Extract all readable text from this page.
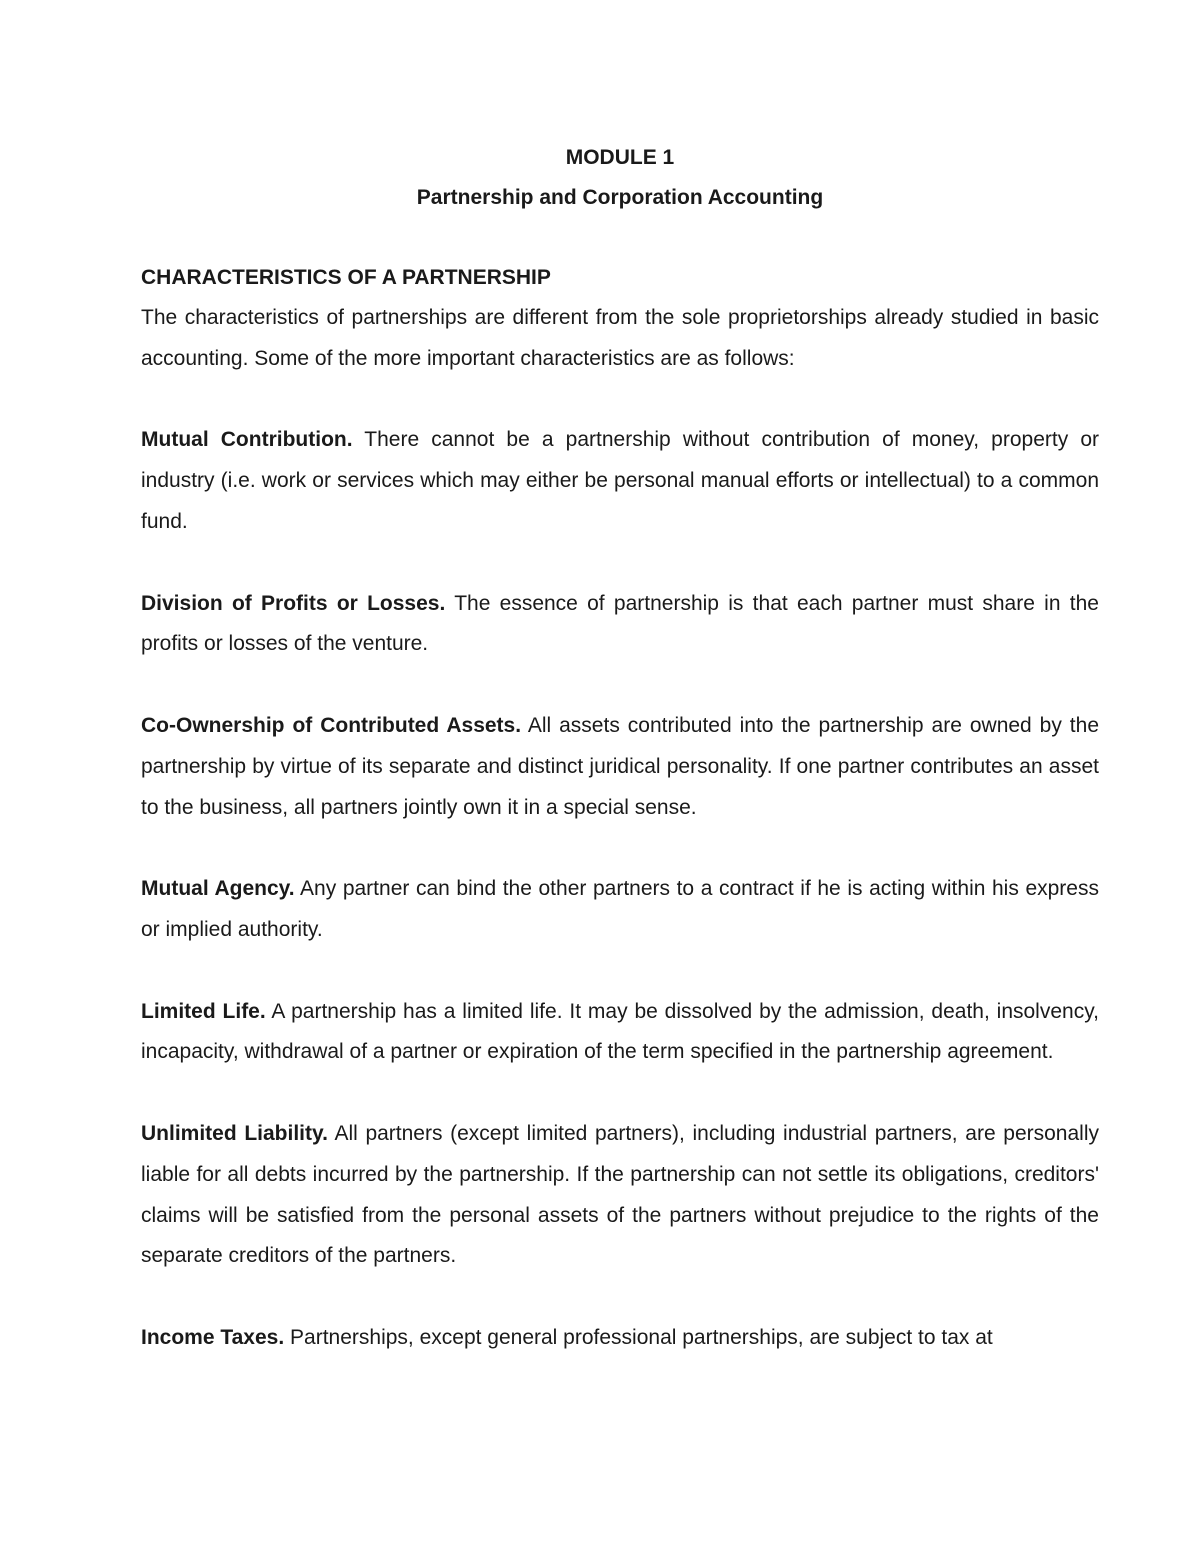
MODULE 1
Partnership and Corporation Accounting
CHARACTERISTICS OF A PARTNERSHIP

The characteristics of partnerships are different from the sole proprietorships already studied in basic accounting. Some of the more important characteristics are as follows:

Mutual Contribution. There cannot be a partnership without contribution of money, property or industry (i.e. work or services which may either be personal manual efforts or intellectual) to a common fund.

Division of Profits or Losses. The essence of partnership is that each partner must share in the profits or losses of the venture.

Co-Ownership of Contributed Assets. All assets contributed into the partnership are owned by the partnership by virtue of its separate and distinct juridical personality. If one partner contributes an asset to the business, all partners jointly own it in a special sense.

Mutual Agency. Any partner can bind the other partners to a contract if he is acting within his express or implied authority.

Limited Life. A partnership has a limited life. It may be dissolved by the admission, death, insolvency, incapacity, withdrawal of a partner or expiration of the term specified in the partnership agreement.

Unlimited Liability. All partners (except limited partners), including industrial partners, are personally liable for all debts incurred by the partnership. If the partnership can not settle its obligations, creditors' claims will be satisfied from the personal assets of the partners without prejudice to the rights of the separate creditors of the partners.

Income Taxes. Partnerships, except general professional partnerships, are subject to tax at
